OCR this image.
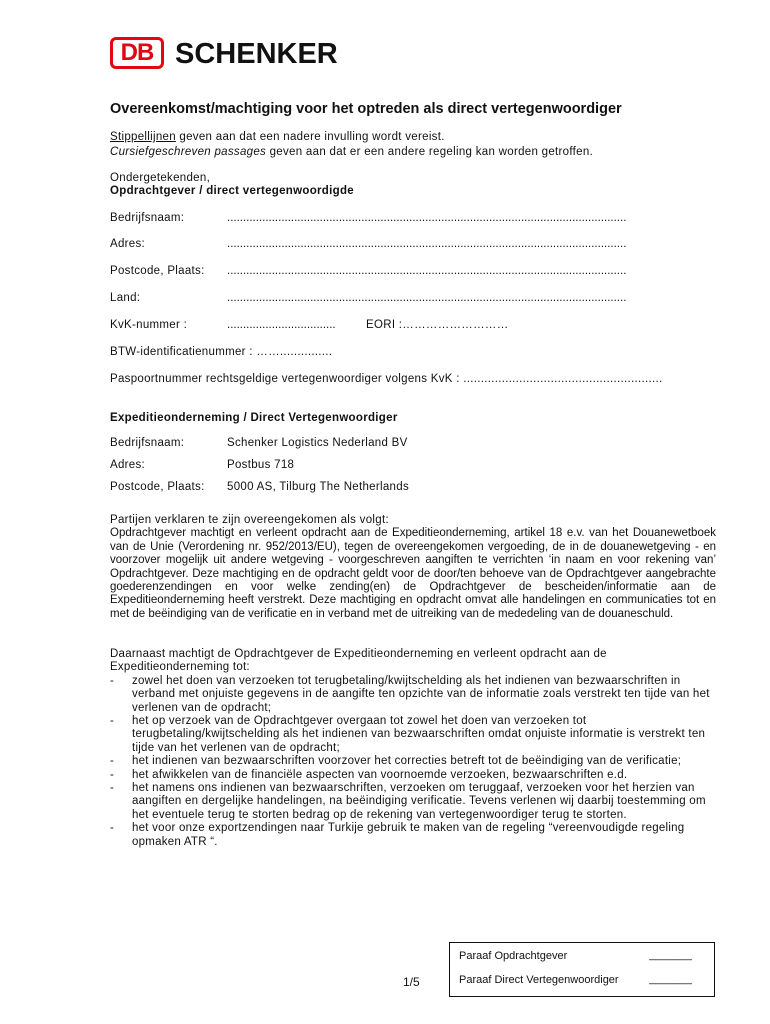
DB SCHENKER
Overeenkomst/machtiging voor het optreden als direct vertegenwoordiger
Stippellijnen geven aan dat een nadere invulling wordt vereist.
Cursiefgeschreven passages geven aan dat er een andere regeling kan worden getroffen.
Ondergetekenden,
Opdrachtgever / direct vertegenwoordigde
Bedrijfsnaam:	.............................................................................................................................
Adres:	.............................................................................................................................
Postcode, Plaats: .............................................................................................................................
Land:	.............................................................................................................................
KvK-nummer :	..................................	EORI :………………………
BTW-identificatienummer : ……...............
Paspoortnummer rechtsgeldige vertegenwoordiger volgens KvK : .........................................................
Expeditieonderneming / Direct Vertegenwoordiger
Bedrijfsnaam:	Schenker Logistics Nederland BV
Adres:	Postbus 718
Postcode, Plaats: 5000 AS, Tilburg The Netherlands

Partijen verklaren te zijn overeengekomen als volgt:

Opdrachtgever machtigt en verleent opdracht aan de Expeditieonderneming, artikel 18 e.v. van het Douanewetboek van de Unie (Verordening nr. 952/2013/EU), tegen de overeengekomen vergoeding, de in de douanewetgeving - en voorzover mogelijk uit andere wetgeving - voorgeschreven aangiften te verrichten ‘in naam en voor rekening van’ Opdrachtgever. Deze machtiging en de opdracht geldt voor de door/ten behoeve van de Opdrachtgever aangebrachte goederenzendingen en voor welke zending(en) de Opdrachtgever de bescheiden/informatie aan de Expeditieonderneming heeft verstrekt. Deze machtiging en opdracht omvat alle handelingen en communicaties tot en met de beëindiging van de verificatie en in verband met de uitreiking van de mededeling van de douaneschuld.

Daarnaast machtigt de Opdrachtgever de Expeditieonderneming en verleent opdracht aan de Expeditieonderneming tot:

- zowel het doen van verzoeken tot terugbetaling/kwijtschelding als het indienen van bezwaarschriften in verband met onjuiste gegevens in de aangifte ten opzichte van de informatie zoals verstrekt ten tijde van het verlenen van de opdracht;
- het op verzoek van de Opdrachtgever overgaan tot zowel het doen van verzoeken tot terugbetaling/kwijtschelding als het indienen van bezwaarschriften omdat onjuiste informatie is verstrekt ten tijde van het verlenen van de opdracht;
- het indienen van bezwaarschriften voorzover het correcties betreft tot de beëindiging van de verificatie;
- het afwikkelen van de financiële aspecten van voornoemde verzoeken, bezwaarschriften e.d.
- het namens ons indienen van bezwaarschriften, verzoeken om teruggaaf, verzoeken voor het herzien van aangiften en dergelijke handelingen, na beëindiging verificatie. Tevens verlenen wij daarbij toestemming om het eventuele terug te storten bedrag op de rekening van vertegenwoordiger terug te storten.
- het voor onze exportzendingen naar Turkije gebruik te maken van de regeling “vereenvoudigde regeling opmaken ATR “.
1/5
Paraaf Opdrachtgever	_______
Paraaf Direct Vertegenwoordiger	_______
